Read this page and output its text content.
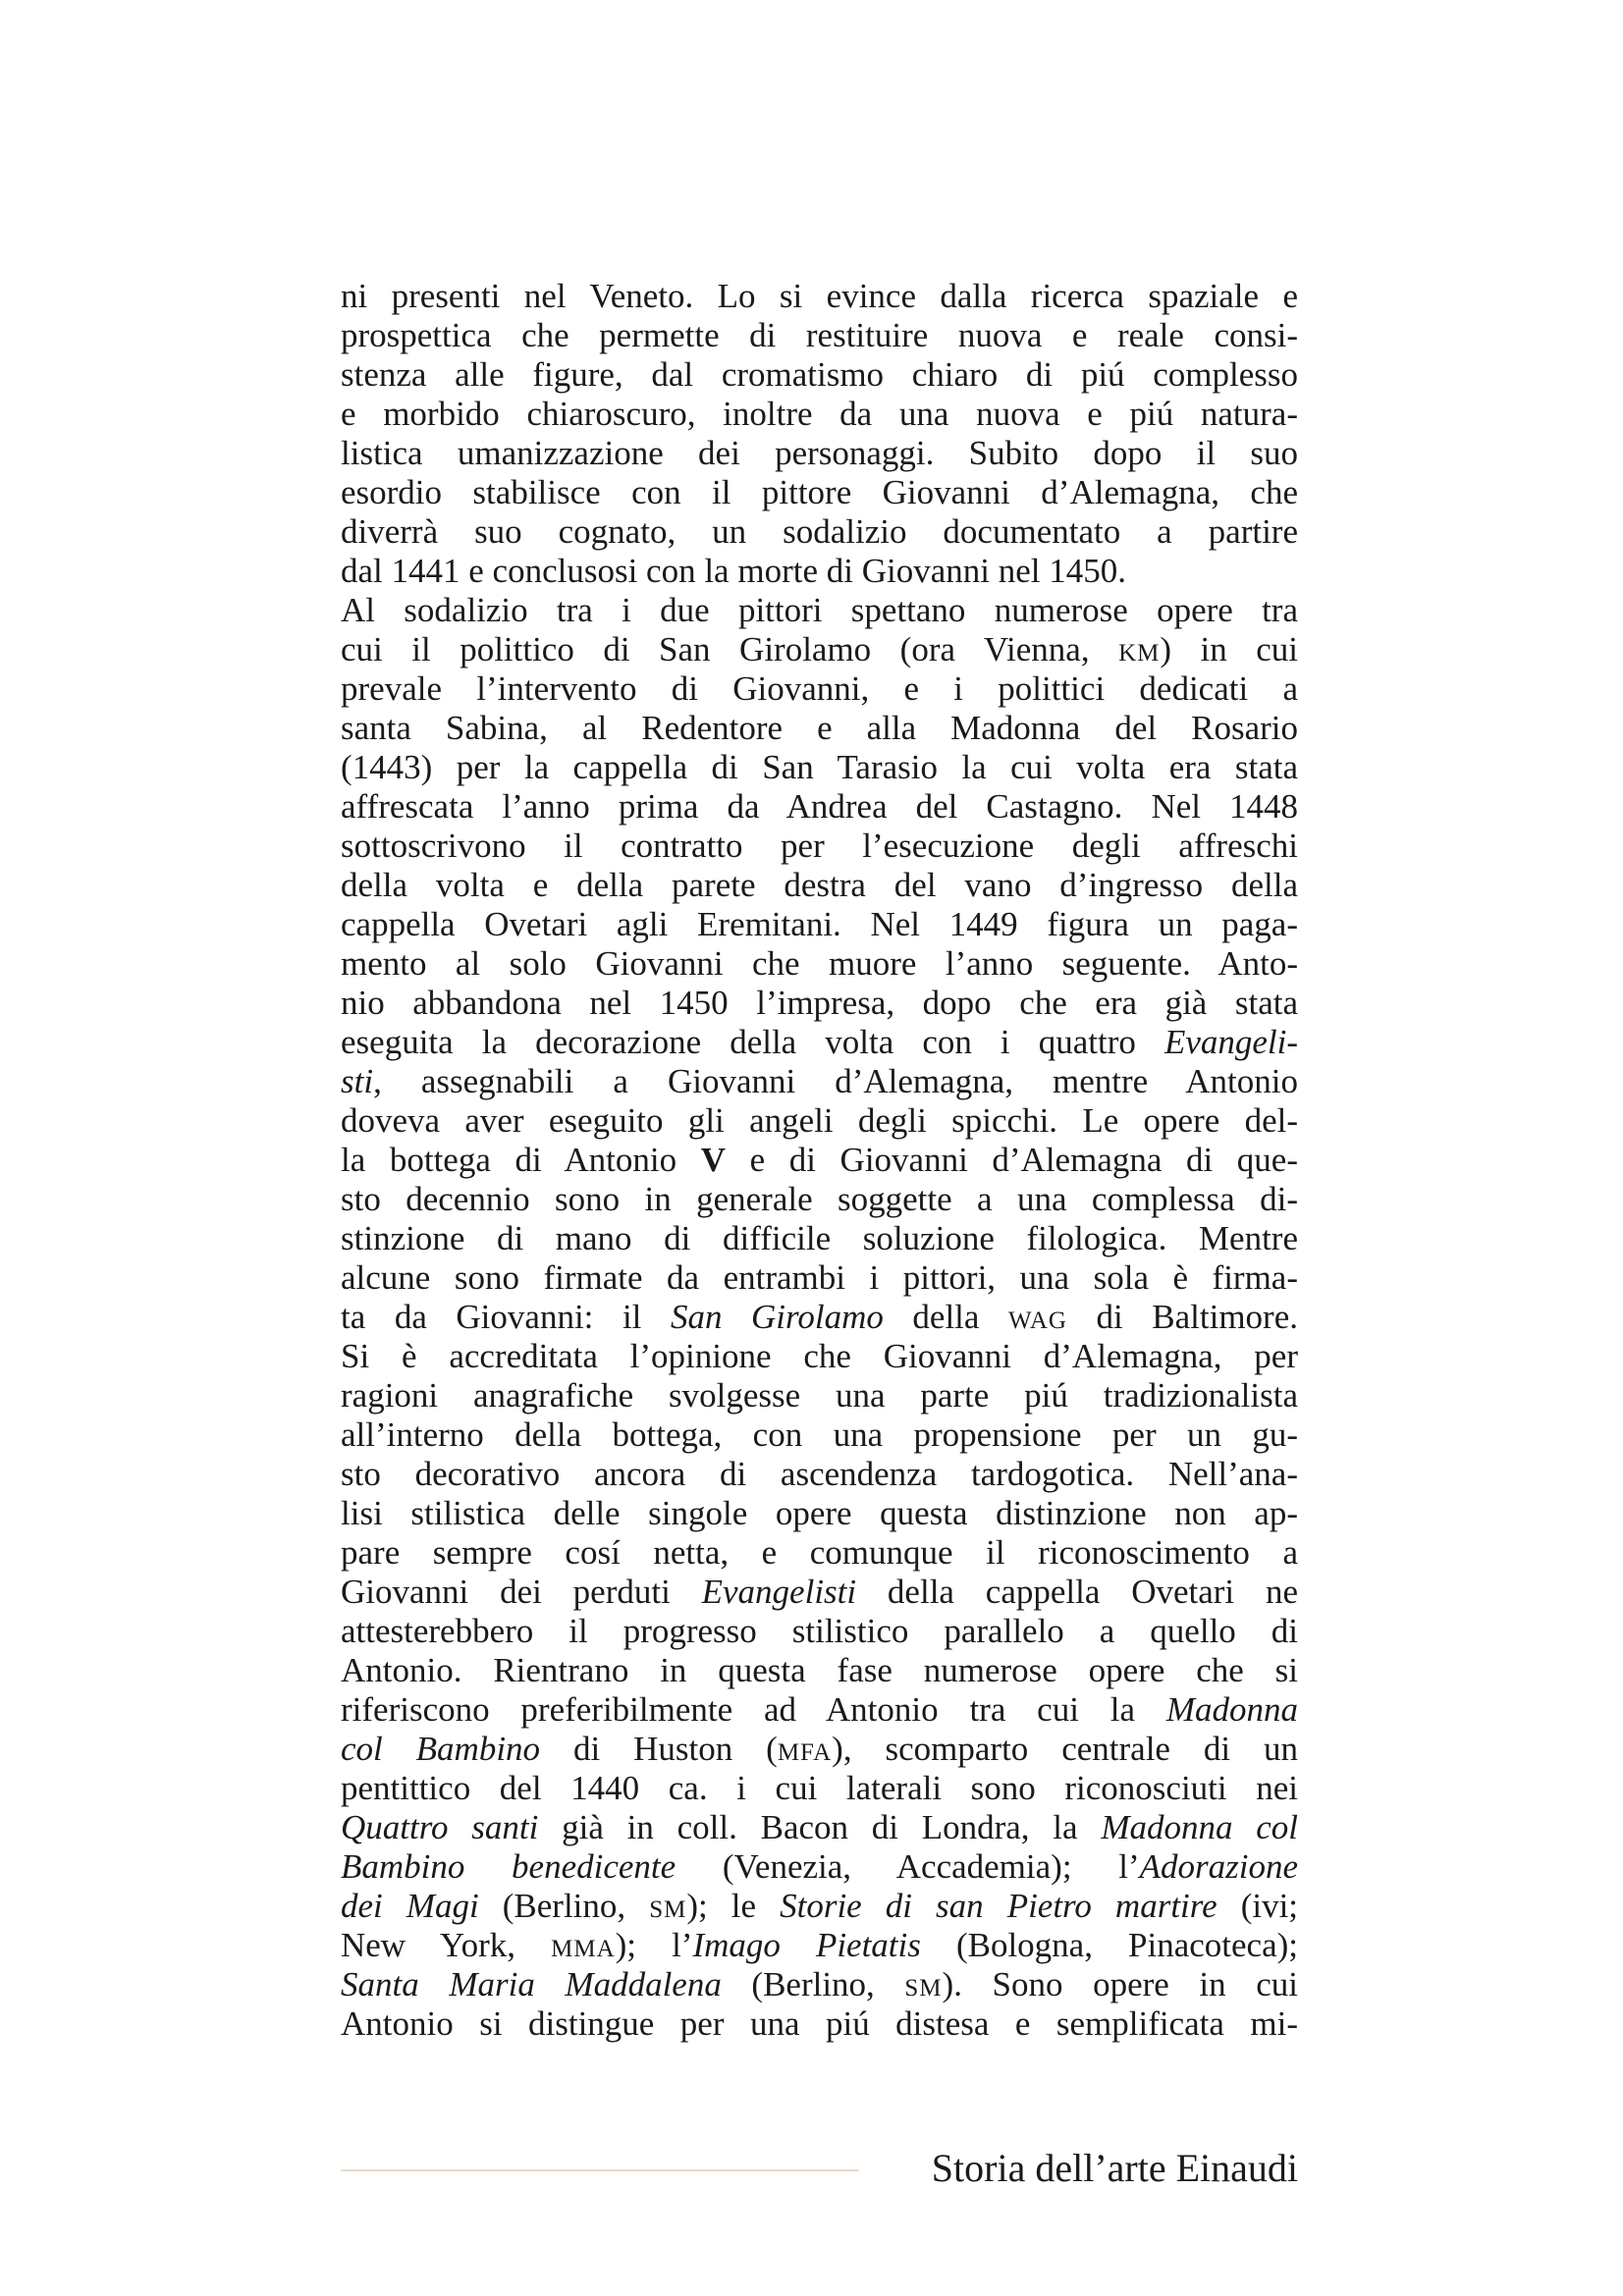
ni presenti nel Veneto. Lo si evince dalla ricerca spaziale e
prospettica che permette di restituire nuova e reale consi-
stenza alle figure, dal cromatismo chiaro di piú complesso
e morbido chiaroscuro, inoltre da una nuova e piú natura-
listica umanizzazione dei personaggi. Subito dopo il suo
esordio stabilisce con il pittore Giovanni d’Alemagna, che
diverrà suo cognato, un sodalizio documentato a partire
dal 1441 e conclusosi con la morte di Giovanni nel 1450.
Al sodalizio tra i due pittori spettano numerose opere tra
cui il polittico di San Girolamo (ora Vienna, km) in cui
prevale l’intervento di Giovanni, e i polittici dedicati a
santa Sabina, al Redentore e alla Madonna del Rosario
(1443) per la cappella di San Tarasio la cui volta era stata
affrescata l’anno prima da Andrea del Castagno. Nel 1448
sottoscrivono il contratto per l’esecuzione degli affreschi
della volta e della parete destra del vano d’ingresso della
cappella Ovetari agli Eremitani. Nel 1449 figura un paga-
mento al solo Giovanni che muore l’anno seguente. Anto-
nio abbandona nel 1450 l’impresa, dopo che era già stata
eseguita la decorazione della volta con i quattro Evangeli-
sti, assegnabili a Giovanni d’Alemagna, mentre Antonio
doveva aver eseguito gli angeli degli spicchi. Le opere del-
la bottega di Antonio V e di Giovanni d’Alemagna di que-
sto decennio sono in generale soggette a una complessa di-
stinzione di mano di difficile soluzione filologica. Mentre
alcune sono firmate da entrambi i pittori, una sola è firma-
ta da Giovanni: il San Girolamo della wag di Baltimore.
Si è accreditata l’opinione che Giovanni d’Alemagna, per
ragioni anagrafiche svolgesse una parte piú tradizionalista
all’interno della bottega, con una propensione per un gu-
sto decorativo ancora di ascendenza tardogotica. Nell’ana-
lisi stilistica delle singole opere questa distinzione non ap-
pare sempre cosí netta, e comunque il riconoscimento a
Giovanni dei perduti Evangelisti della cappella Ovetari ne
attesterebbero il progresso stilistico parallelo a quello di
Antonio. Rientrano in questa fase numerose opere che si
riferiscono preferibilmente ad Antonio tra cui la Madonna
col Bambino di Huston (mfa), scomparto centrale di un
pentittico del 1440 ca. i cui laterali sono riconosciuti nei
Quattro santi già in coll. Bacon di Londra, la Madonna col
Bambino benedicente (Venezia, Accademia); l’Adorazione
dei Magi (Berlino, sm); le Storie di san Pietro martire (ivi;
New York, mma); l’Imago Pietatis (Bologna, Pinacoteca);
Santa Maria Maddalena (Berlino, sm). Sono opere in cui
Antonio si distingue per una piú distesa e semplificata mi-
Storia dell’arte Einaudi
